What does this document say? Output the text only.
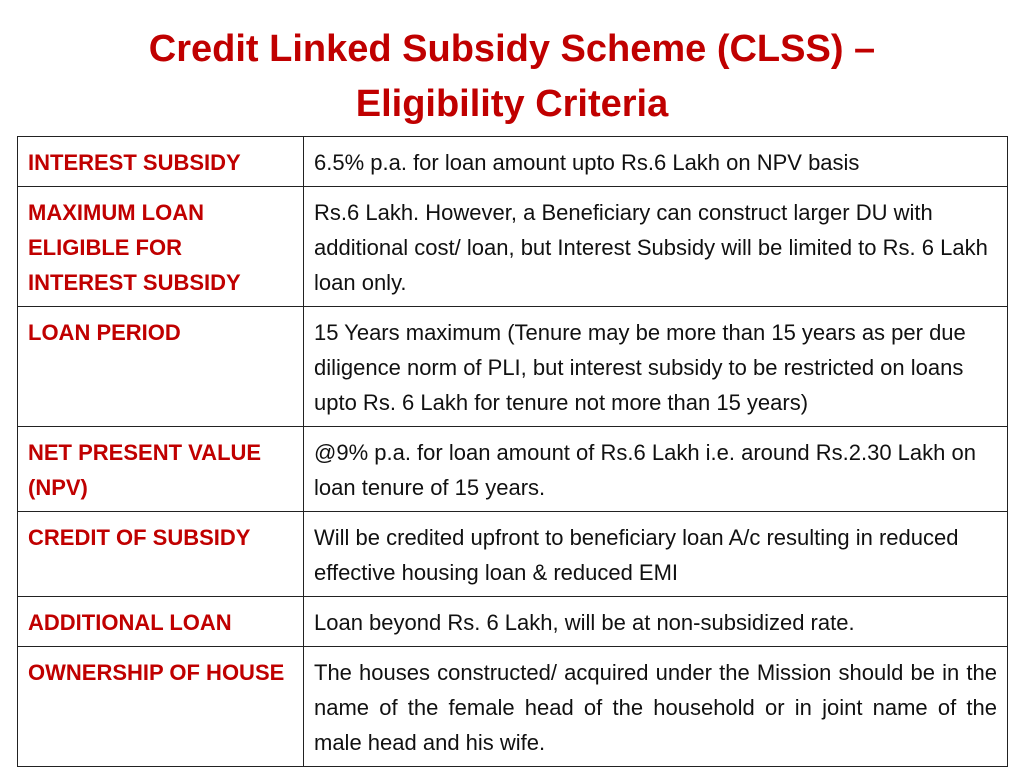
Credit Linked Subsidy Scheme (CLSS) –
Eligibility Criteria
INTEREST SUBSIDY	6.5% p.a. for loan amount upto Rs.6 Lakh on NPV basis
MAXIMUM LOAN ELIGIBLE FOR INTEREST SUBSIDY	Rs.6 Lakh. However, a Beneficiary can construct larger DU with additional cost/ loan, but Interest Subsidy will be limited to Rs. 6 Lakh loan only.
LOAN PERIOD	15 Years maximum (Tenure may be more than 15 years as per due diligence norm of PLI, but interest subsidy to be restricted on loans upto Rs. 6 Lakh for tenure not more than 15 years)
NET PRESENT VALUE (NPV)	@9% p.a. for loan amount of Rs.6 Lakh i.e. around Rs.2.30 Lakh on loan tenure of 15 years.
CREDIT OF SUBSIDY	Will be credited upfront to beneficiary loan A/c resulting in reduced effective housing loan & reduced EMI
ADDITIONAL LOAN	Loan beyond Rs. 6 Lakh, will be at non-subsidized rate.
OWNERSHIP OF HOUSE	The houses constructed/ acquired under the Mission should be in the name of the female head of the household or in joint name of the male head and his wife.
